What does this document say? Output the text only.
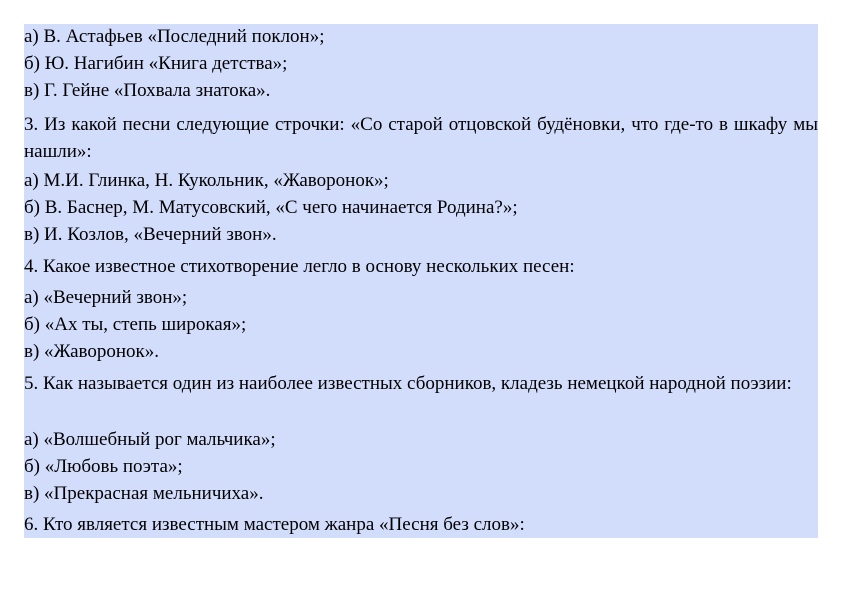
а) В. Астафьев «Последний поклон»;
б) Ю. Нагибин «Книга детства»;
в) Г. Гейне «Похвала знатока».
3. Из какой песни следующие строчки: «Со старой отцовской будёновки, что где-то в шкафу мы нашли»:
а) М.И. Глинка, Н. Кукольник, «Жаворонок»;
б) В. Баснер, М. Матусовский, «С чего начинается Родина?»;
в) И. Козлов, «Вечерний звон».
4. Какое известное стихотворение легло в основу нескольких песен:
а) «Вечерний звон»;
б) «Ах ты, степь широкая»;
в) «Жаворонок».
5. Как называется один из наиболее известных сборников, кладезь немецкой народной поэзии:
а) «Волшебный рог мальчика»;
б) «Любовь поэта»;
в) «Прекрасная мельничиха».
6. Кто является известным мастером жанра «Песня без слов»:
